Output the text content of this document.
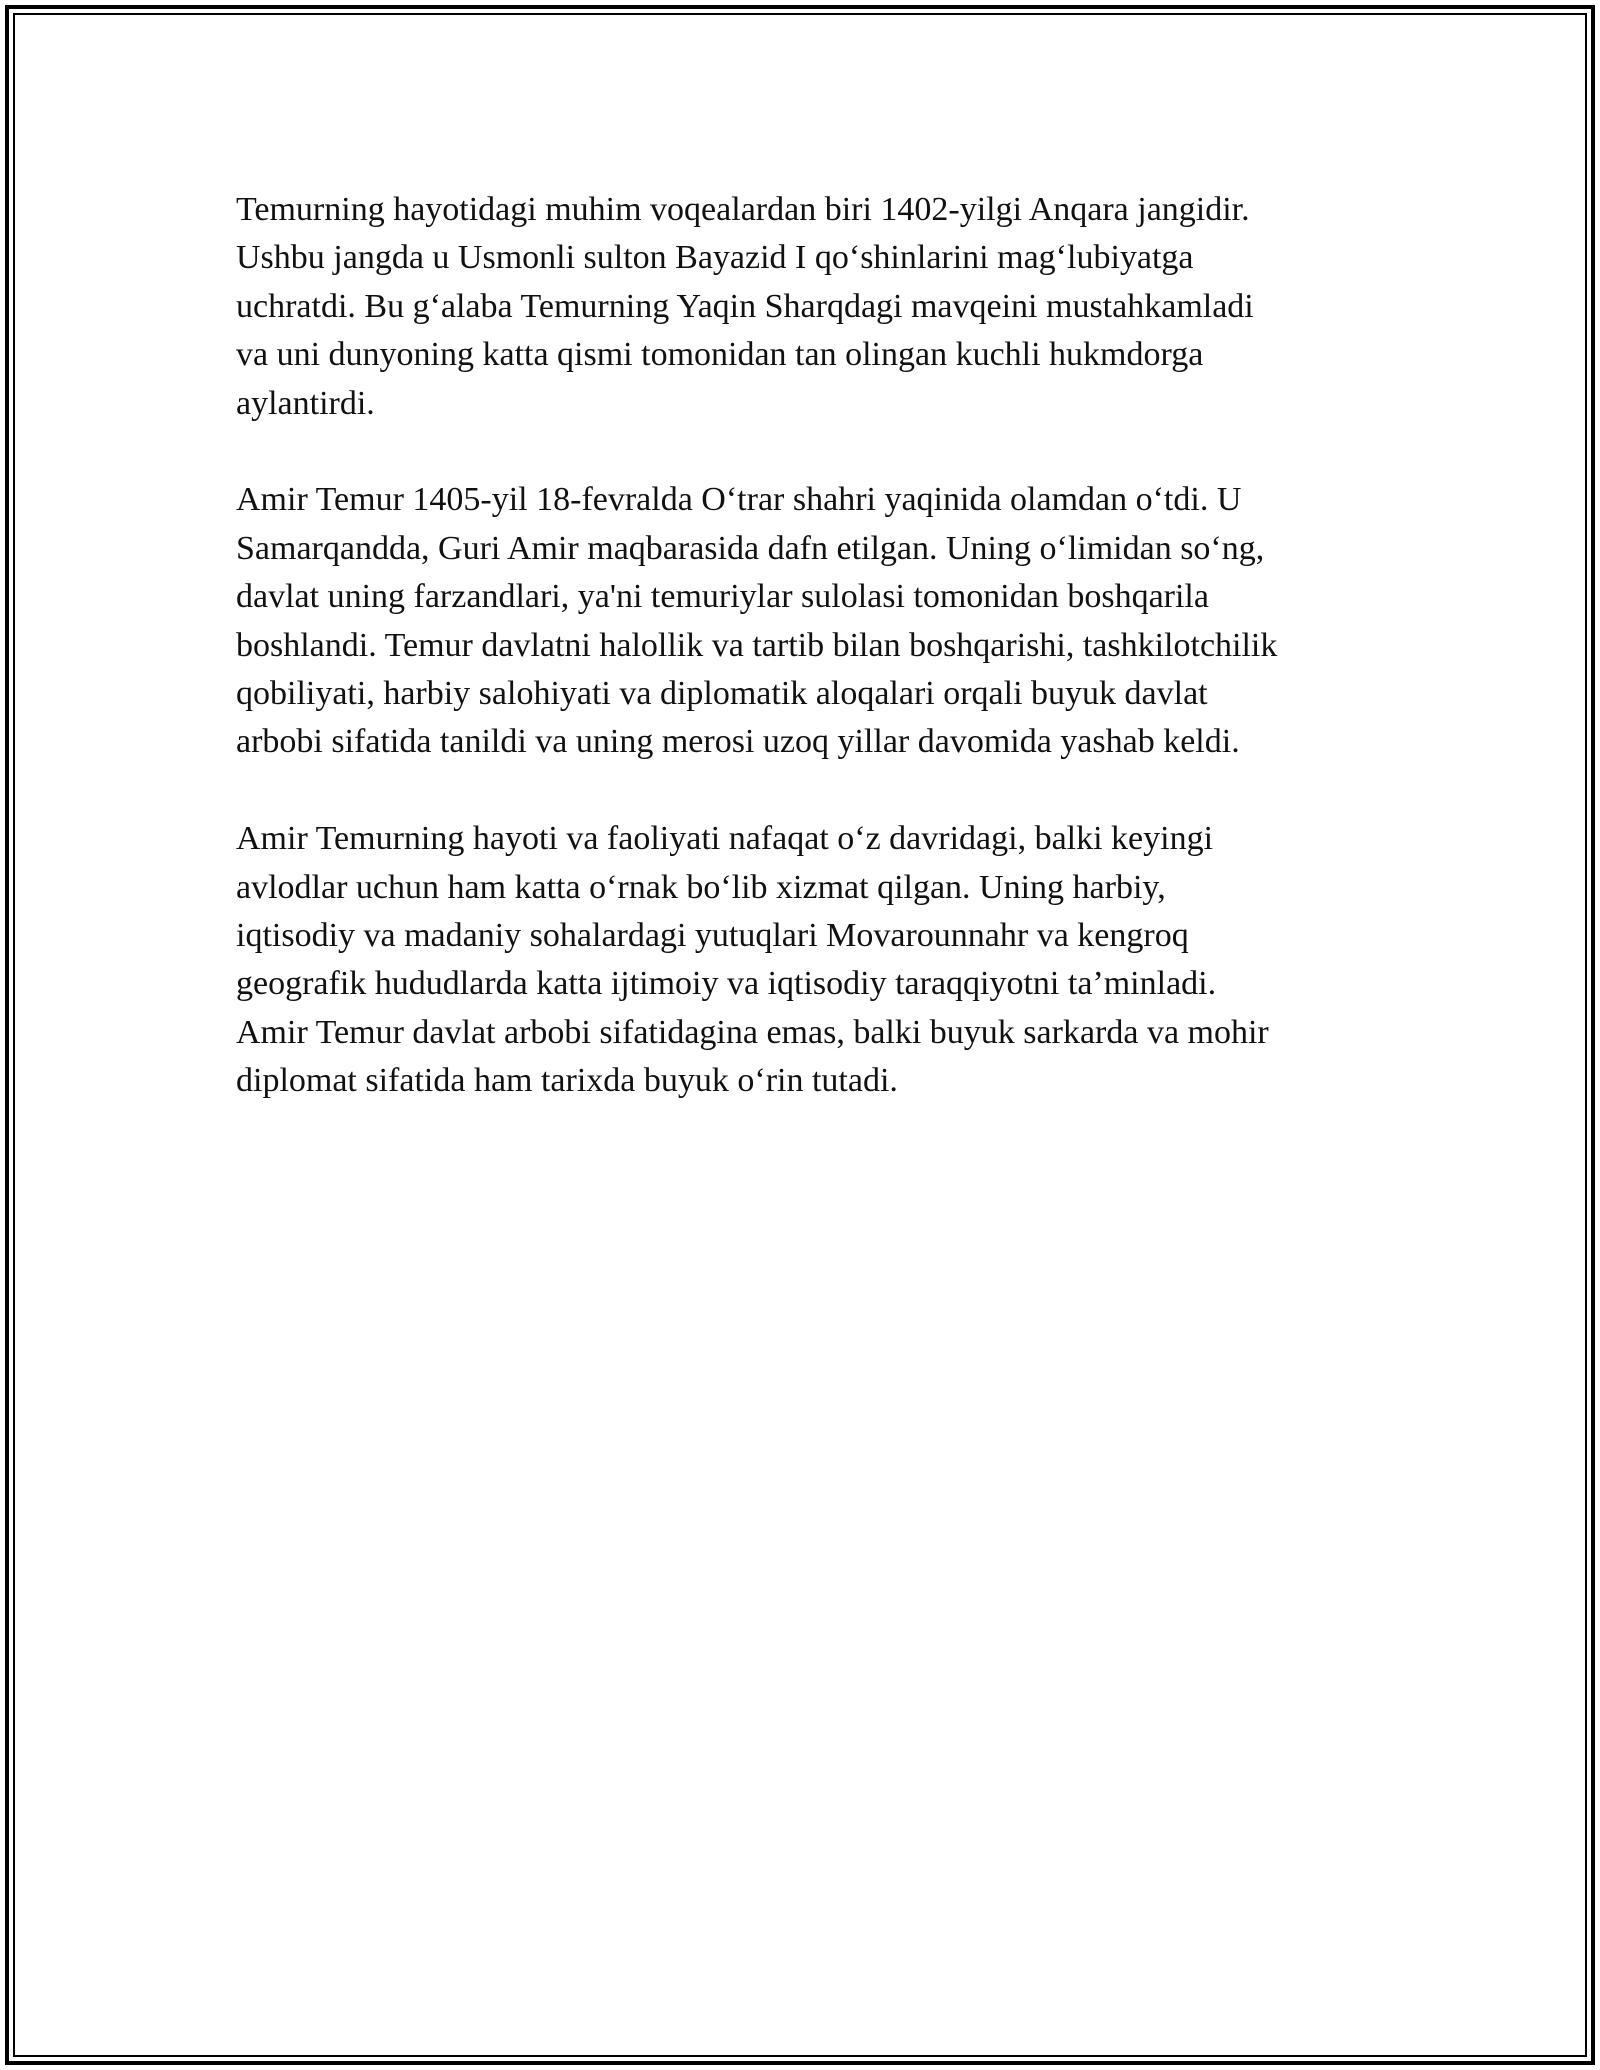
Temurning hayotidagi muhim voqealardan biri 1402-yilgi Anqara jangidir.
Ushbu jangda u Usmonli sulton Bayazid I qo‘shinlarini mag‘lubiyatga
uchratdi. Bu g‘alaba Temurning Yaqin Sharqdagi mavqeini mustahkamladi
va uni dunyoning katta qismi tomonidan tan olingan kuchli hukmdorga
aylantirdi.

Amir Temur 1405-yil 18-fevralda O‘trar shahri yaqinida olamdan o‘tdi. U
Samarqandda, Guri Amir maqbarasida dafn etilgan. Uning o‘limidan so‘ng,
davlat uning farzandlari, ya'ni temuriylar sulolasi tomonidan boshqarila
boshlandi. Temur davlatni halollik va tartib bilan boshqarishi, tashkilotchilik
qobiliyati, harbiy salohiyati va diplomatik aloqalari orqali buyuk davlat
arbobi sifatida tanildi va uning merosi uzoq yillar davomida yashab keldi.

Amir Temurning hayoti va faoliyati nafaqat o‘z davridagi, balki keyingi
avlodlar uchun ham katta o‘rnak bo‘lib xizmat qilgan. Uning harbiy,
iqtisodiy va madaniy sohalardagi yutuqlari Movarounnahr va kengroq
geografik hududlarda katta ijtimoiy va iqtisodiy taraqqiyotni ta’minladi.
Amir Temur davlat arbobi sifatidagina emas, balki buyuk sarkarda va mohir
diplomat sifatida ham tarixda buyuk o‘rin tutadi.
